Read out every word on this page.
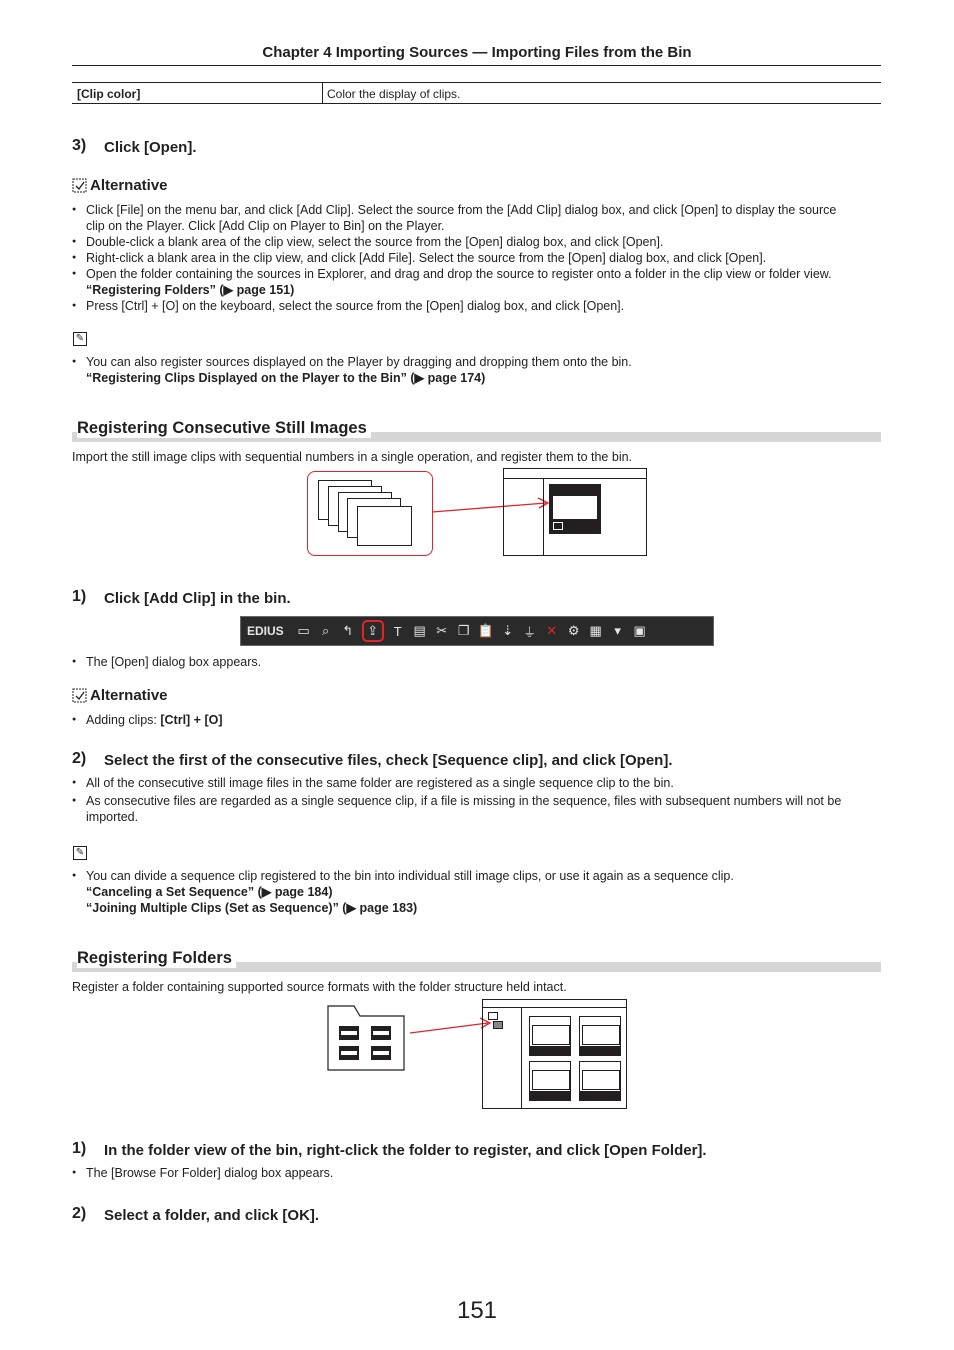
Chapter 4 Importing Sources — Importing Files from the Bin
[Clip color]	Color the display of clips.
3) Click [Open].
Alternative
● Click [File] on the menu bar, and click [Add Clip]. Select the source from the [Add Clip] dialog box, and click [Open] to display the source
clip on the Player. Click [Add Clip on Player to Bin] on the Player.
● Double-click a blank area of the clip view, select the source from the [Open] dialog box, and click [Open].
● Right-click a blank area in the clip view, and click [Add File]. Select the source from the [Open] dialog box, and click [Open].
● Open the folder containing the sources in Explorer, and drag and drop the source to register onto a folder in the clip view or folder view.
“Registering Folders” (▶ page 151)
● Press [Ctrl] + [O] on the keyboard, select the source from the [Open] dialog box, and click [Open].
✎
● You can also register sources displayed on the Player by dragging and dropping them onto the bin.
“Registering Clips Displayed on the Player to the Bin” (▶ page 174)
Registering Consecutive Still Images
Import the still image clips with sequential numbers in a single operation, and register them to the bin.
1) Click [Add Clip] in the bin.
EDIUS ▭ ⌕ ↰	⇪	T ▤ ✂ ❐ 📋 ⇣ ⏚ ✕ ⚙ ▦ ▾ ▣
● The [Open] dialog box appears.
Alternative
● Adding clips: [Ctrl] + [O]
2) Select the first of the consecutive files, check [Sequence clip], and click [Open].
● All of the consecutive still image files in the same folder are registered as a single sequence clip to the bin.
● As consecutive files are regarded as a single sequence clip, if a file is missing in the sequence, files with subsequent numbers will not be
imported.
✎
● You can divide a sequence clip registered to the bin into individual still image clips, or use it again as a sequence clip.
“Canceling a Set Sequence” (▶ page 184)
“Joining Multiple Clips (Set as Sequence)” (▶ page 183)
Registering Folders
Register a folder containing supported source formats with the folder structure held intact.
1) In the folder view of the bin, right-click the folder to register, and click [Open Folder].
● The [Browse For Folder] dialog box appears.
2) Select a folder, and click [OK].
151
